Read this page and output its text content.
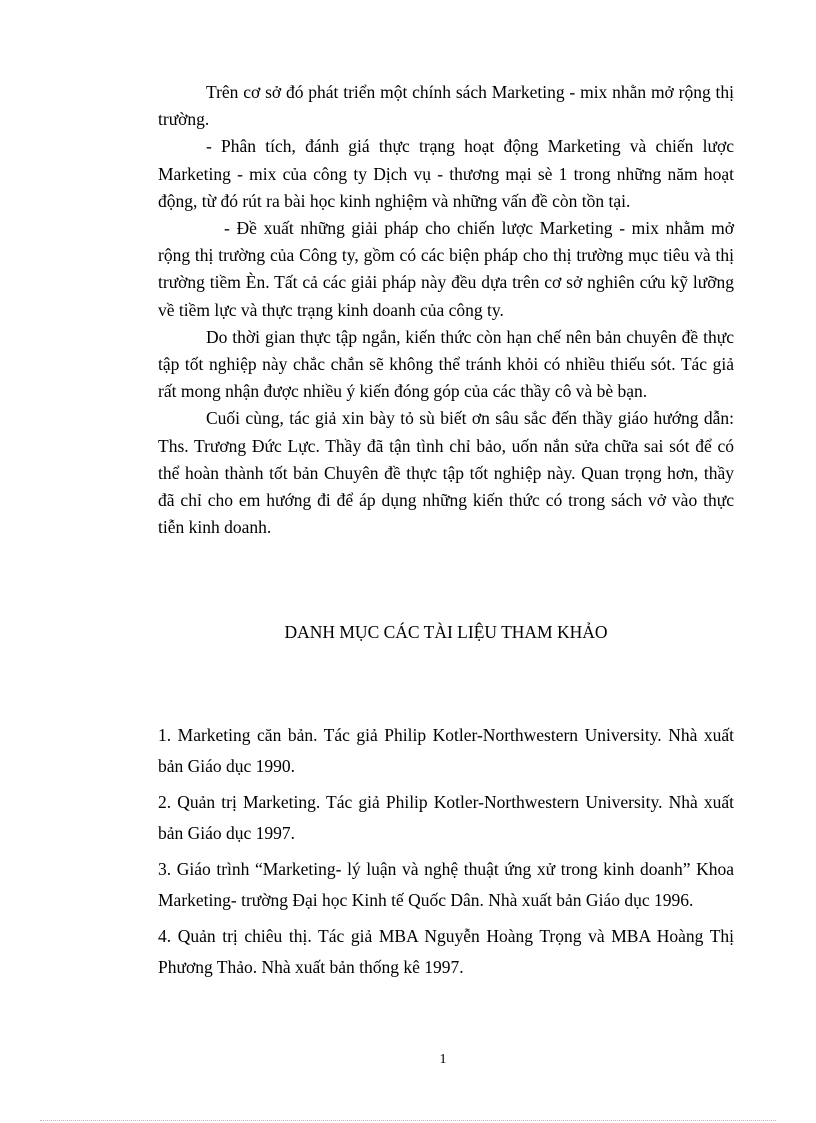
Trên cơ sở đó phát triển một chính sách Marketing - mix nhằn mở rộng thị trường.

- Phân tích, đánh giá thực trạng hoạt động Marketing và chiến lược Marketing - mix của công ty Dịch vụ - thương mại sè 1 trong những năm hoạt động, từ đó rút ra bài học kinh nghiệm và những vấn đề còn tồn tại.

- Đề xuất những giải pháp cho chiến lược Marketing - mix nhằm mở rộng thị trường của Công ty, gồm có các biện pháp cho thị trường mục tiêu và thị trường tiềm Èn. Tất cả các giải pháp này đều dựa trên cơ sở nghiên cứu kỹ lưỡng về tiềm lực và thực trạng kinh doanh của công ty.

Do thời gian thực tập ngắn, kiến thức còn hạn chế nên bản chuyên đề thực tập tốt nghiệp này chắc chắn sẽ không thể tránh khỏi có nhiều thiếu sót. Tác giả rất mong nhận được nhiều ý kiến đóng góp của các thầy cô và bè bạn.

Cuối cùng, tác giả xin bày tỏ sù biết ơn sâu sắc đến thầy giáo hướng dẫn: Ths. Trương Đức Lực. Thầy đã tận tình chỉ bảo, uốn nắn sửa chữa sai sót để có thể hoàn thành tốt bản Chuyên đề thực tập tốt nghiệp này. Quan trọng hơn, thầy đã chỉ cho em hướng đi để áp dụng những kiến thức có trong sách vở vào thực tiễn kinh doanh.

DANH MỤC CÁC TÀI LIỆU THAM KHẢO

1. Marketing căn bản. Tác giả Philip Kotler-Northwestern University. Nhà xuất bản Giáo dục 1990.

2. Quản trị Marketing. Tác giả Philip Kotler-Northwestern University. Nhà xuất bản Giáo dục 1997.

3. Giáo trình “Marketing- lý luận và nghệ thuật ứng xử trong kinh doanh” Khoa Marketing- trường Đại học Kinh tế Quốc Dân. Nhà xuất bản Giáo dục 1996.

4. Quản trị chiêu thị. Tác giả MBA Nguyễn Hoàng Trọng và MBA Hoàng Thị Phương Thảo. Nhà xuất bản thống kê 1997.

1
